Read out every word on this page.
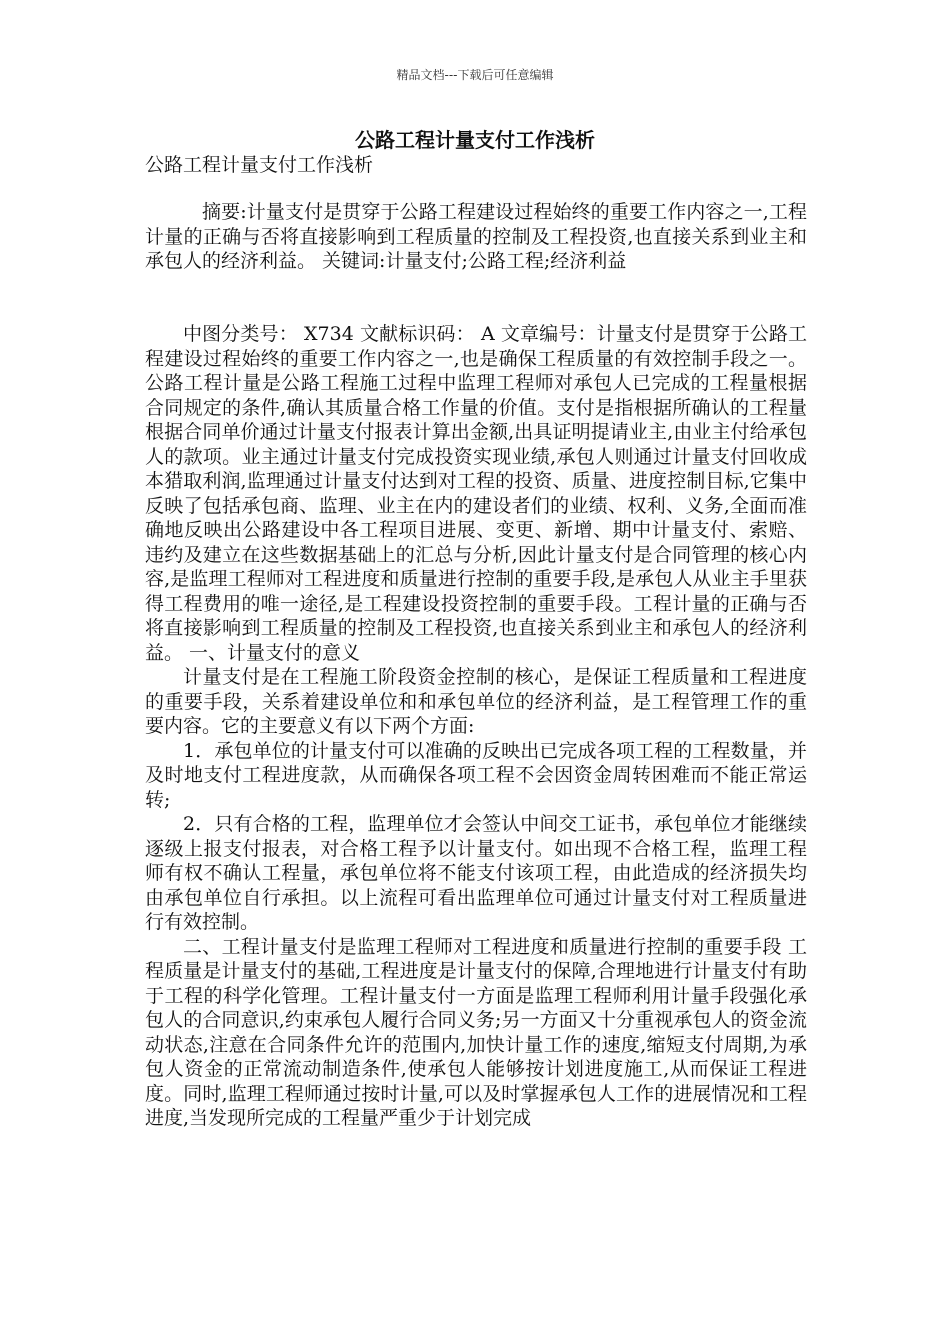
精品文档---下载后可任意编辑
公路工程计量支付工作浅析
公路工程计量支付工作浅析

摘要:计量支付是贯穿于公路工程建设过程始终的重要工作内容之一,工程计量的正确与否将直接影响到工程质量的控制及工程投资,也直接关系到业主和承包人的经济利益。 关键词:计量支付;公路工程;经济利益

中图分类号： X734 文献标识码： A 文章编号：计量支付是贯穿于公路工程建设过程始终的重要工作内容之一,也是确保工程质量的有效控制手段之一。公路工程计量是公路工程施工过程中监理工程师对承包人已完成的工程量根据合同规定的条件,确认其质量合格工作量的价值。支付是指根据所确认的工程量根据合同单价通过计量支付报表计算出金额,出具证明提请业主,由业主付给承包人的款项。业主通过计量支付完成投资实现业绩,承包人则通过计量支付回收成本猎取利润,监理通过计量支付达到对工程的投资、质量、进度控制目标,它集中反映了包括承包商、监理、业主在内的建设者们的业绩、权利、义务,全面而准确地反映出公路建设中各工程项目进展、变更、新增、期中计量支付、索赔、违约及建立在这些数据基础上的汇总与分析,因此计量支付是合同管理的核心内容,是监理工程师对工程进度和质量进行控制的重要手段,是承包人从业主手里获得工程费用的唯一途径,是工程建设投资控制的重要手段。工程计量的正确与否将直接影响到工程质量的控制及工程投资,也直接关系到业主和承包人的经济利益。 一、计量支付的意义

计量支付是在工程施工阶段资金控制的核心，是保证工程质量和工程进度的重要手段，关系着建设单位和和承包单位的经济利益，是工程管理工作的重要内容。它的主要意义有以下两个方面:

1．承包单位的计量支付可以准确的反映出已完成各项工程的工程数量，并及时地支付工程进度款，从而确保各项工程不会因资金周转困难而不能正常运转;

2．只有合格的工程，监理单位才会签认中间交工证书，承包单位才能继续逐级上报支付报表，对合格工程予以计量支付。如出现不合格工程，监理工程师有权不确认工程量，承包单位将不能支付该项工程，由此造成的经济损失均由承包单位自行承担。以上流程可看出监理单位可通过计量支付对工程质量进行有效控制。

二、工程计量支付是监理工程师对工程进度和质量进行控制的重要手段 工程质量是计量支付的基础,工程进度是计量支付的保障,合理地进行计量支付有助于工程的科学化管理。工程计量支付一方面是监理工程师利用计量手段强化承包人的合同意识,约束承包人履行合同义务;另一方面又十分重视承包人的资金流动状态,注意在合同条件允许的范围内,加快计量工作的速度,缩短支付周期,为承包人资金的正常流动制造条件,使承包人能够按计划进度施工,从而保证工程进度。同时,监理工程师通过按时计量,可以及时掌握承包人工作的进展情况和工程进度,当发现所完成的工程量严重少于计划完成
